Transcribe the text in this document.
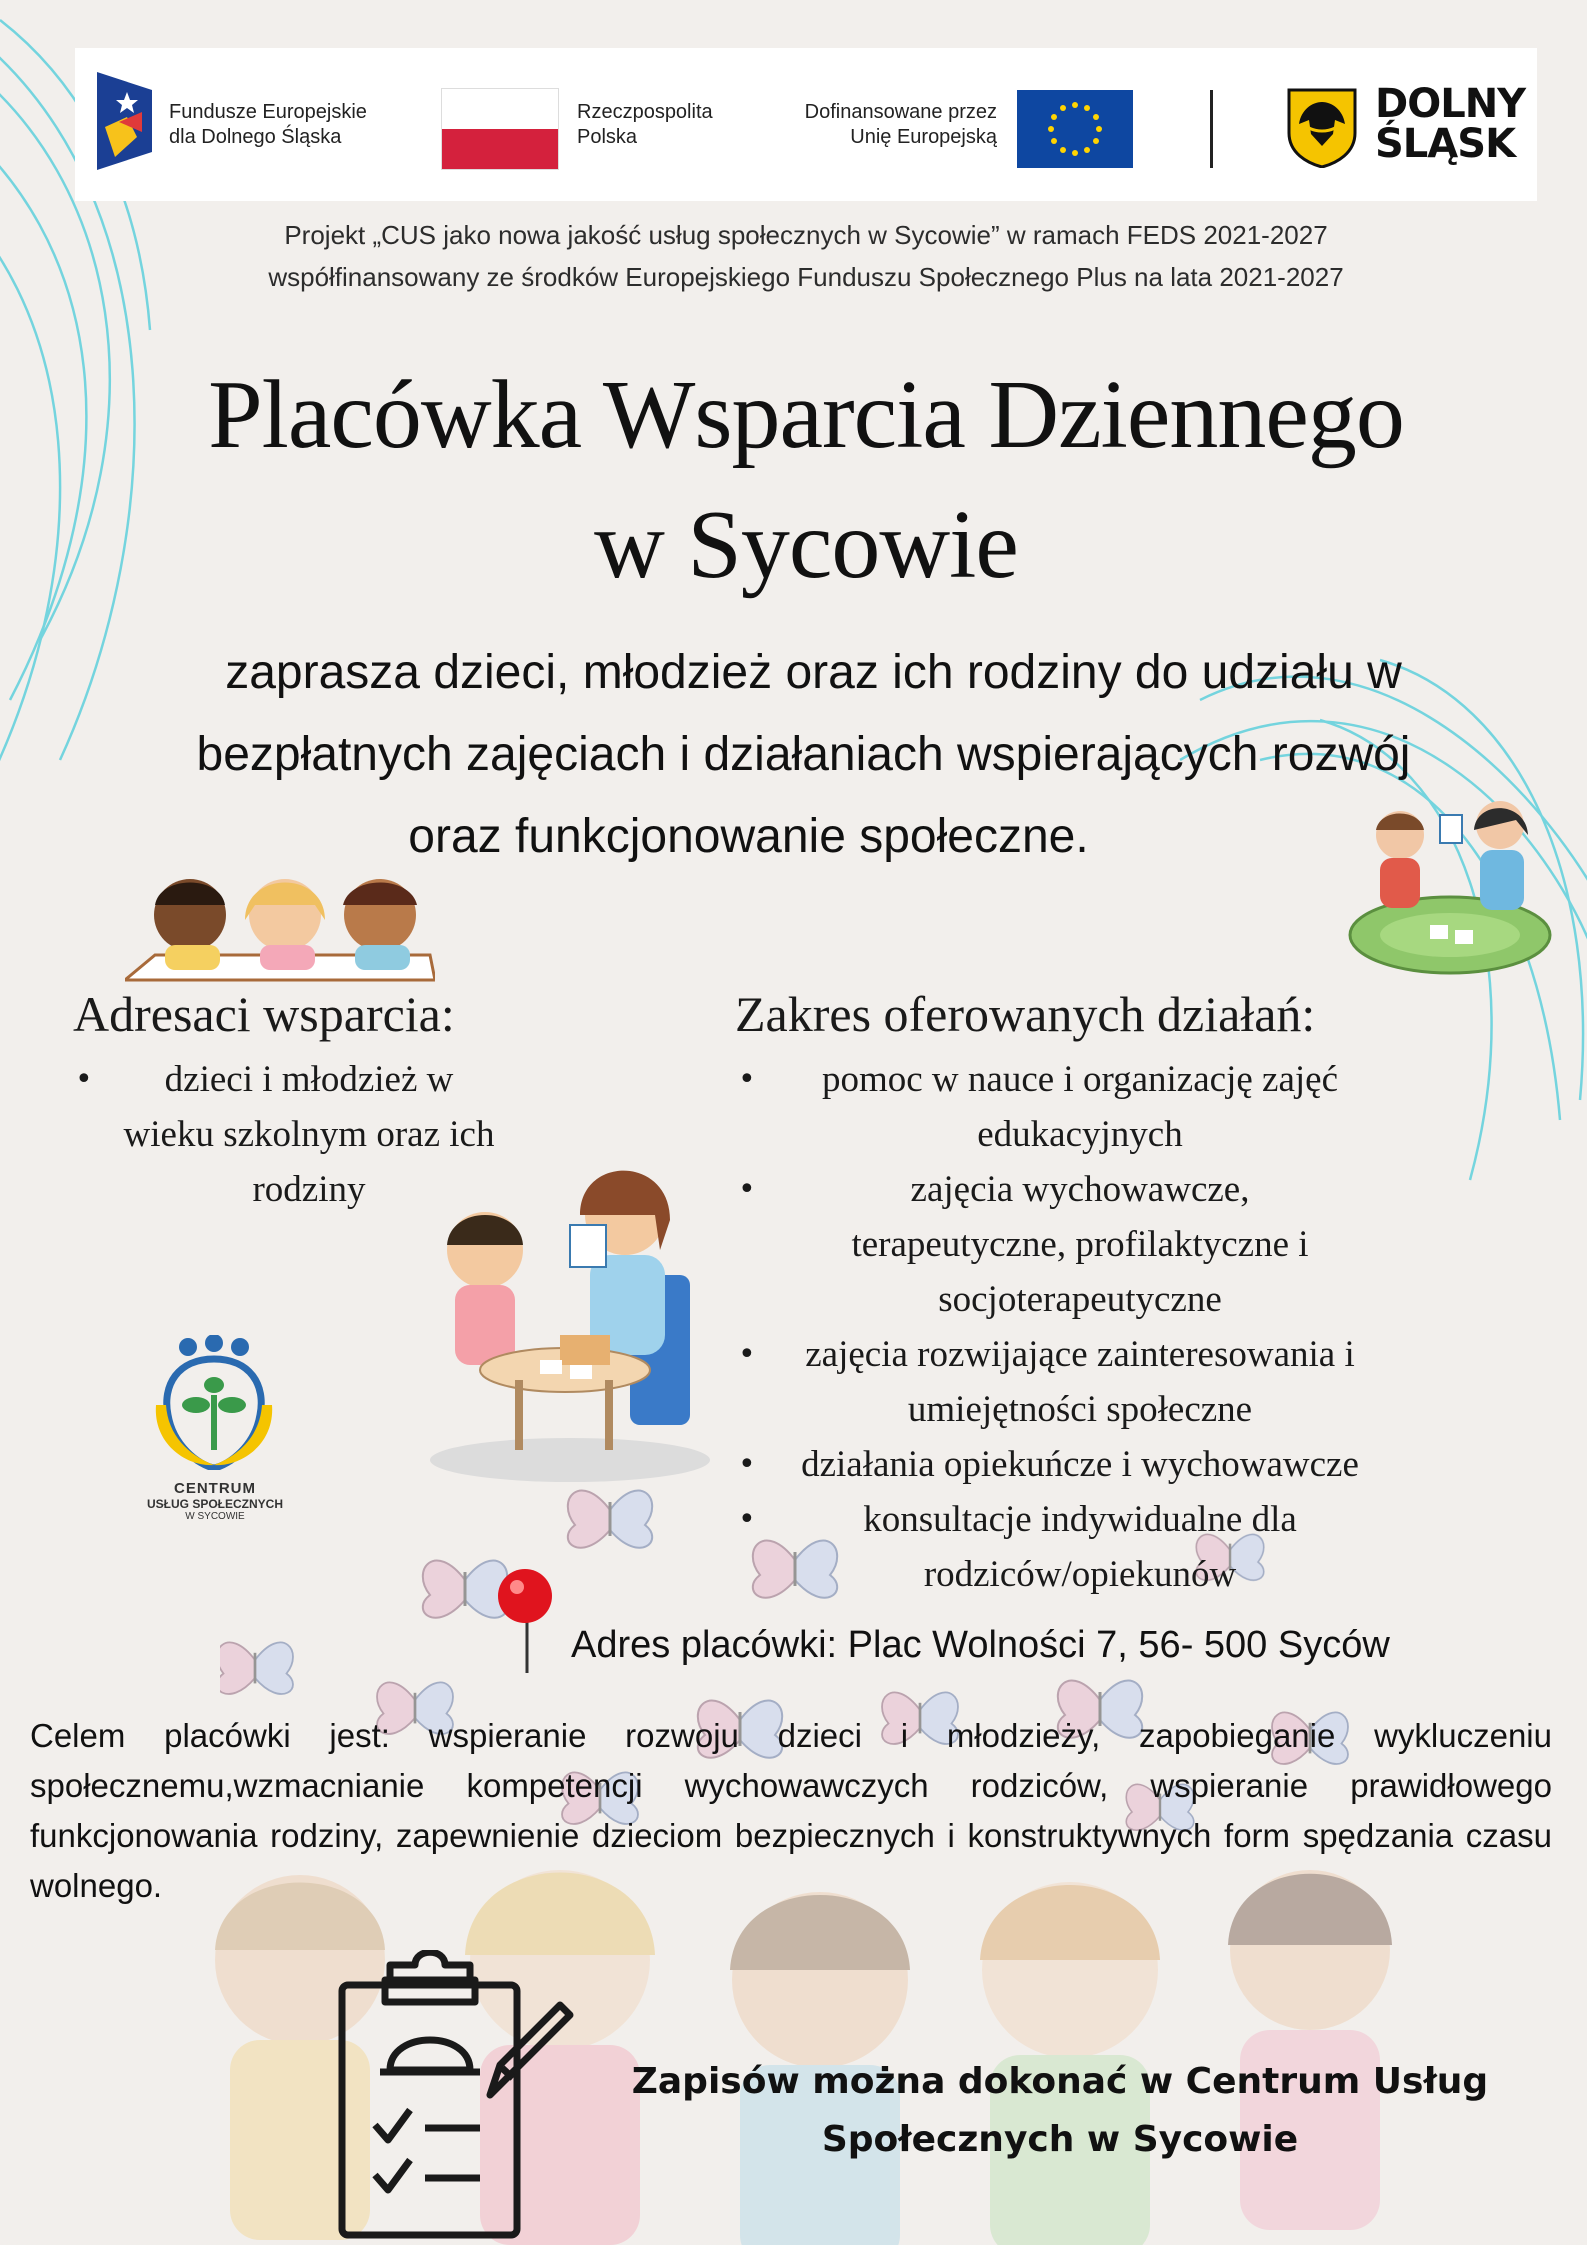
Fundusze Europejskie
dla Dolnego Śląska
Rzeczpospolita
Polska
Dofinansowane przez
Unię Europejską
DOLNY
ŚLĄSK
Projekt „CUS jako nowa jakość usług społecznych w Sycowie” w ramach FEDS 2021-2027
współfinansowany ze środków Europejskiego Funduszu Społecznego Plus na lata 2021-2027
Placówka Wsparcia Dziennego
w Sycowie
zaprasza dzieci, młodzież oraz ich rodziny do udziału w
bezpłatnych zajęciach i działaniach wspierających rozwój
oraz funkcjonowanie społeczne.
Adresaci wsparcia:
• dzieci i młodzież w wieku szkolnym oraz ich rodziny
Zakres oferowanych działań:
• pomoc w nauce i organizację zajęć edukacyjnych
• zajęcia wychowawcze, terapeutyczne, profilaktyczne i socjoterapeutyczne
• zajęcia rozwijające zainteresowania i umiejętności społeczne
• działania opiekuńcze i wychowawcze
• konsultacje indywidualne dla rodziców/opiekunów
CENTRUM
USŁUG SPOŁECZNYCH
W SYCOWIE
Adres placówki: Plac Wolności 7, 56- 500 Syców
Celem placówki jest: wspieranie rozwoju dzieci i młodzieży, zapobieganie wykluczeniu społecznemu,wzmacnianie kompetencji wychowawczych rodziców, wspieranie prawidłowego funkcjonowania rodziny, zapewnienie dzieciom bezpiecznych i konstruktywnych form spędzania czasu wolnego.
Zapisów można dokonać w Centrum Usług
Społecznych w Sycowie
